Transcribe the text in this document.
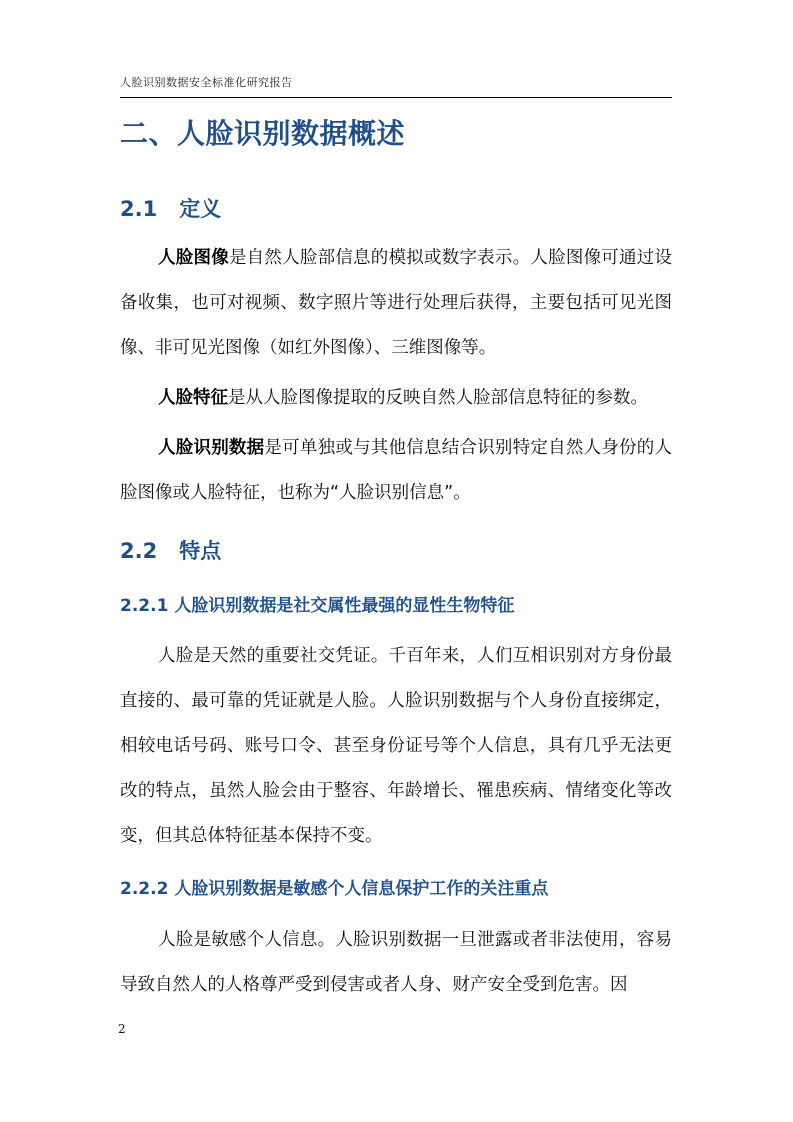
人脸识别数据安全标准化研究报告
二、人脸识别数据概述
2.1 定义

人脸图像是自然人脸部信息的模拟或数字表示。人脸图像可通过设备收集，也可对视频、数字照片等进行处理后获得，主要包括可见光图像、非可见光图像（如红外图像）、三维图像等。

人脸特征是从人脸图像提取的反映自然人脸部信息特征的参数。

人脸识别数据是可单独或与其他信息结合识别特定自然人身份的人脸图像或人脸特征，也称为“人脸识别信息”。

2.2 特点
2.2.1 人脸识别数据是社交属性最强的显性生物特征

人脸是天然的重要社交凭证。千百年来，人们互相识别对方身份最直接的、最可靠的凭证就是人脸。人脸识别数据与个人身份直接绑定，相较电话号码、账号口令、甚至身份证号等个人信息，具有几乎无法更改的特点，虽然人脸会由于整容、年龄增长、罹患疾病、情绪变化等改变，但其总体特征基本保持不变。

2.2.2 人脸识别数据是敏感个人信息保护工作的关注重点

人脸是敏感个人信息。人脸识别数据一旦泄露或者非法使用，容易导致自然人的人格尊严受到侵害或者人身、财产安全受到危害。因

2
